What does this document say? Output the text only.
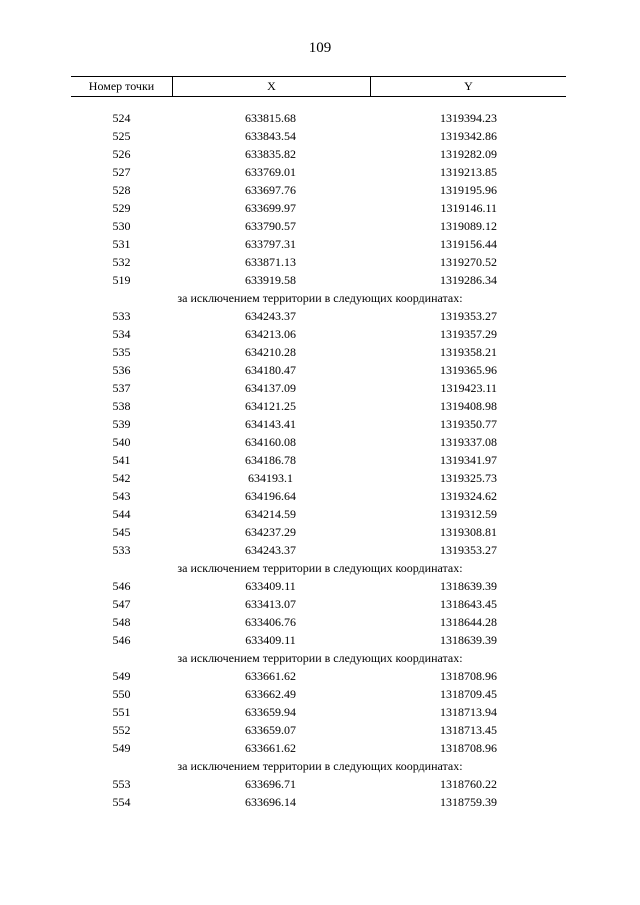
109
Номер точки	X	Y
524	633815.68	1319394.23
525	633843.54	1319342.86
526	633835.82	1319282.09
527	633769.01	1319213.85
528	633697.76	1319195.96
529	633699.97	1319146.11
530	633790.57	1319089.12
531	633797.31	1319156.44
532	633871.13	1319270.52
519	633919.58	1319286.34
за исключением территории в следующих координатах:
533	634243.37	1319353.27
534	634213.06	1319357.29
535	634210.28	1319358.21
536	634180.47	1319365.96
537	634137.09	1319423.11
538	634121.25	1319408.98
539	634143.41	1319350.77
540	634160.08	1319337.08
541	634186.78	1319341.97
542	634193.1	1319325.73
543	634196.64	1319324.62
544	634214.59	1319312.59
545	634237.29	1319308.81
533	634243.37	1319353.27
за исключением территории в следующих координатах:
546	633409.11	1318639.39
547	633413.07	1318643.45
548	633406.76	1318644.28
546	633409.11	1318639.39
за исключением территории в следующих координатах:
549	633661.62	1318708.96
550	633662.49	1318709.45
551	633659.94	1318713.94
552	633659.07	1318713.45
549	633661.62	1318708.96
за исключением территории в следующих координатах:
553	633696.71	1318760.22
554	633696.14	1318759.39
